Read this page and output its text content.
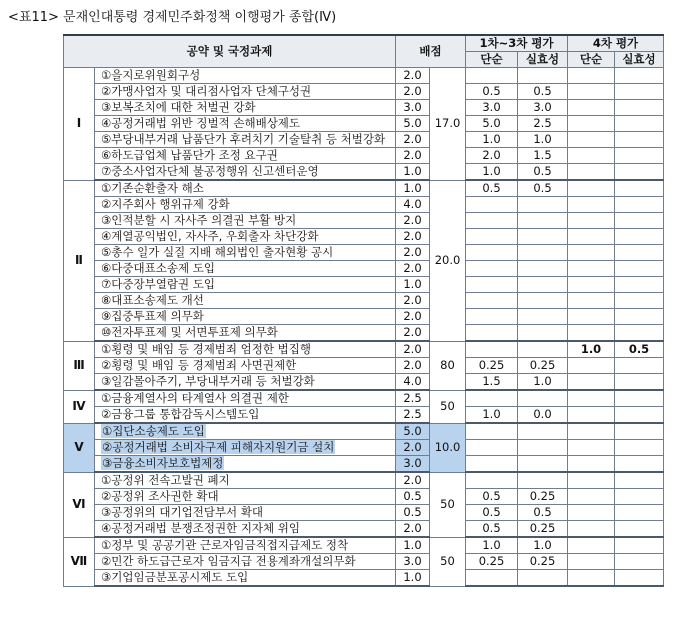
<표11> 문재인대통령 경제민주화정책 이행평가 종합(Ⅳ)
공약 및 국정과제		배점		1차~3차 평가		4차 평가	
				단순	실효성	단순	실효성
Ⅰ	①을지로위원회구성	2.0	17.0				
	②가맹사업자 및 대리점사업자 단체구성권	2.0		0.5	0.5		
	③보복조치에 대한 처벌권 강화	3.0		3.0	3.0		
	④공정거래법 위반 징벌적 손해배상제도	5.0		5.0	2.5		
	⑤부당내부거래 납품단가 후려치기 기술탈취 등 처벌강화	2.0		1.0	1.0		
	⑥하도급업체 납품단가 조정 요구권	2.0		2.0	1.5		
	⑦중소사업자단체 불공정행위 신고센터운영	1.0		1.0	0.5		
Ⅱ	①기존순환출자 해소	1.0	20.0	0.5	0.5		
	②지주회사 행위규제 강화	4.0					
	③인적분할 시 자사주 의결권 부활 방지	2.0					
	④계열공익법인, 자사주, 우회출자 차단강화	2.0					
	⑤총수 일가 실질 지배 해외법인 출자현황 공시	2.0					
	⑥다중대표소송제 도입	2.0					
	⑦다중장부열람권 도입	1.0					
	⑧대표소송제도 개선	2.0					
	⑨집중투표제 의무화	2.0					
	⑩전자투표제 및 서면투표제 의무화	2.0					
Ⅲ	①횡령 및 배임 등 경제범죄 엄정한 법집행	2.0	80			1.0	0.5
	②횡령 및 배임 등 경제범죄 사면권제한	2.0		0.25	0.25		
	③일감몰아주기, 부당내부거래 등 처벌강화	4.0		1.5	1.0		
Ⅳ	①금융계열사의 타계열사 의결권 제한	2.5	50				
	②금융그룹 통합감독시스템도입	2.5		1.0	0.0		
Ⅴ	①집단소송제도 도입	5.0	10.0				
	②공정거래법 소비자구제 피해자지원기금 설치	2.0					
	③금융소비자보호법제정	3.0					
Ⅵ	①공정위 전속고발권 폐지	2.0	50				
	②공정위 조사권한 확대	0.5		0.5	0.25		
	③공정위의 대기업전담부서 확대	0.5		0.5	0.5		
	④공정거래법 분쟁조정권한 지자체 위임	2.0		0.5	0.25		
Ⅶ	①정부 및 공공기관 근로자임금직접지급제도 정착	1.0	50	1.0	1.0		
	②민간 하도급근로자 임금지급 전용계좌개설의무화	3.0		0.25	0.25		
	③기업임금분포공시제도 도입	1.0					
